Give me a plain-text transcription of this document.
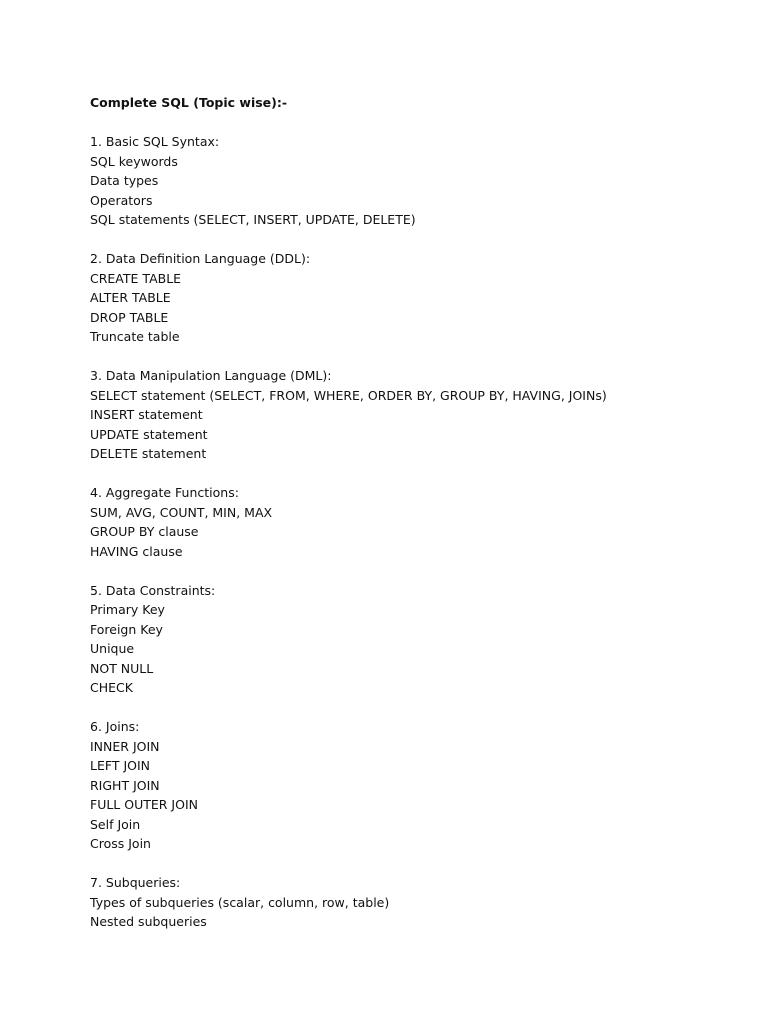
Complete SQL (Topic wise):-
1. Basic SQL Syntax:
SQL keywords
Data types
Operators
SQL statements (SELECT, INSERT, UPDATE, DELETE)
2. Data Definition Language (DDL):
CREATE TABLE
ALTER TABLE
DROP TABLE
Truncate table
3. Data Manipulation Language (DML):
SELECT statement (SELECT, FROM, WHERE, ORDER BY, GROUP BY, HAVING, JOINs)
INSERT statement
UPDATE statement
DELETE statement
4. Aggregate Functions:
SUM, AVG, COUNT, MIN, MAX
GROUP BY clause
HAVING clause
5. Data Constraints:
Primary Key
Foreign Key
Unique
NOT NULL
CHECK
6. Joins:
INNER JOIN
LEFT JOIN
RIGHT JOIN
FULL OUTER JOIN
Self Join
Cross Join
7. Subqueries:
Types of subqueries (scalar, column, row, table)
Nested subqueries
